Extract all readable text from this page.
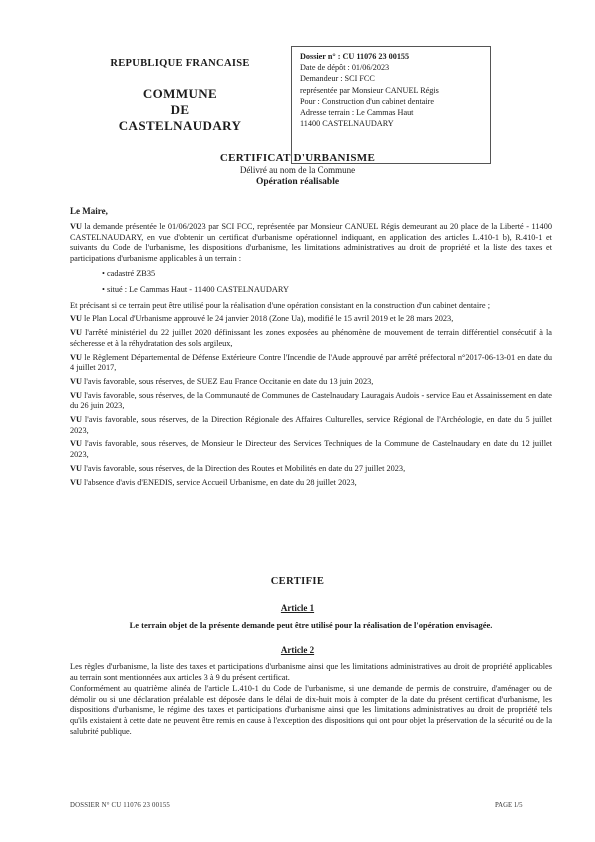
REPUBLIQUE FRANCAISE
COMMUNE
DE
CASTELNAUDARY
Dossier n° : CU 11076 23 00155
Date de dépôt : 01/06/2023
Demandeur : SCI FCC
représentée par Monsieur CANUEL Régis
Pour : Construction d'un cabinet dentaire
Adresse terrain : Le Cammas Haut
11400 CASTELNAUDARY
CERTIFICAT D'URBANISME
Délivré au nom de la Commune
Opération réalisable
Le Maire,

VU la demande présentée le 01/06/2023 par SCI FCC, représentée par Monsieur CANUEL Régis demeurant au 20 place de la Liberté - 11400 CASTELNAUDARY, en vue d'obtenir un certificat d'urbanisme opérationnel indiquant, en application des articles L.410-1 b), R.410-1 et suivants du Code de l'urbanisme, les dispositions d'urbanisme, les limitations administratives au droit de propriété et la liste des taxes et participations d'urbanisme applicables à un terrain :

• cadastré ZB35

• situé : Le Cammas Haut - 11400 CASTELNAUDARY

Et précisant si ce terrain peut être utilisé pour la réalisation d'une opération consistant en la construction d'un cabinet dentaire ;

VU le Plan Local d'Urbanisme approuvé le 24 janvier 2018 (Zone Ua), modifié le 15 avril 2019 et le 28 mars 2023,

VU l'arrêté ministériel du 22 juillet 2020 définissant les zones exposées au phénomène de mouvement de terrain différentiel consécutif à la sécheresse et à la réhydratation des sols argileux,

VU le Règlement Départemental de Défense Extérieure Contre l'Incendie de l'Aude approuvé par arrêté préfectoral n°2017-06-13-01 en date du 4 juillet 2017,

VU l'avis favorable, sous réserves, de SUEZ Eau France Occitanie en date du 13 juin 2023,

VU l'avis favorable, sous réserves, de la Communauté de Communes de Castelnaudary Lauragais Audois - service Eau et Assainissement en date du 26 juin 2023,

VU l'avis favorable, sous réserves, de la Direction Régionale des Affaires Culturelles, service Régional de l'Archéologie, en date du 5 juillet 2023,

VU l'avis favorable, sous réserves, de Monsieur le Directeur des Services Techniques de la Commune de Castelnaudary en date du 12 juillet 2023,

VU l'avis favorable, sous réserves, de la Direction des Routes et Mobilités en date du 27 juillet 2023,

VU l'absence d'avis d'ENEDIS, service Accueil Urbanisme, en date du 28 juillet 2023,

CERTIFIE
Article 1
Le terrain objet de la présente demande peut être utilisé pour la réalisation de l'opération envisagée.
Article 2

Les règles d'urbanisme, la liste des taxes et participations d'urbanisme ainsi que les limitations administratives au droit de propriété applicables au terrain sont mentionnées aux articles 3 à 9 du présent certificat.

Conformément au quatrième alinéa de l'article L.410-1 du Code de l'urbanisme, si une demande de permis de construire, d'aménager ou de démolir ou si une déclaration préalable est déposée dans le délai de dix-huit mois à compter de la date du présent certificat d'urbanisme, les dispositions d'urbanisme, le régime des taxes et participations d'urbanisme ainsi que les limitations administratives au droit de propriété tels qu'ils existaient à cette date ne peuvent être remis en cause à l'exception des dispositions qui ont pour objet la préservation de la sécurité ou de la salubrité publique.

DOSSIER N° CU 11076 23 00155	PAGE 1/5
